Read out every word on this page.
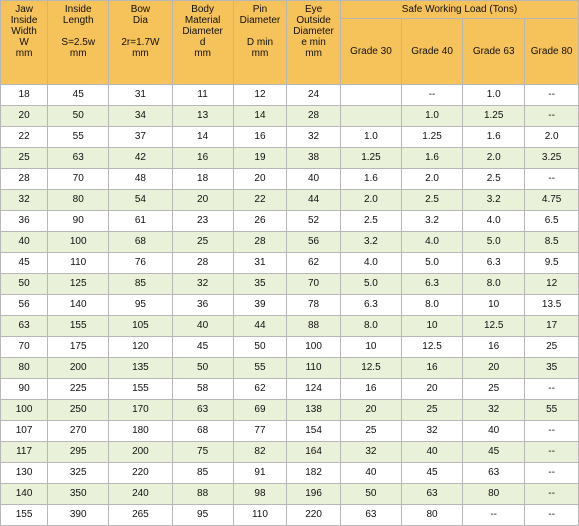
Jaw
Inside
Width
W
mm	Inside
Length
S=2.5w
mm	Bow
Dia
2r=1.7W
mm	Body
Material
Diameter
d
mm	Pin
Diameter
D min
mm	Eye
Outside
Diameter
e min
mm	Safe Working Load (Tons)			
						Grade 30	Grade 40	Grade 63	Grade 80
18	45	31	11	12	24		--	1.0	--
20	50	34	13	14	28		1.0	1.25	--
22	55	37	14	16	32	1.0	1.25	1.6	2.0
25	63	42	16	19	38	1.25	1.6	2.0	3.25
28	70	48	18	20	40	1.6	2.0	2.5	--
32	80	54	20	22	44	2.0	2.5	3.2	4.75
36	90	61	23	26	52	2.5	3.2	4.0	6.5
40	100	68	25	28	56	3.2	4.0	5.0	8.5
45	110	76	28	31	62	4.0	5.0	6.3	9.5
50	125	85	32	35	70	5.0	6.3	8.0	12
56	140	95	36	39	78	6.3	8.0	10	13.5
63	155	105	40	44	88	8.0	10	12.5	17
70	175	120	45	50	100	10	12.5	16	25
80	200	135	50	55	110	12.5	16	20	35
90	225	155	58	62	124	16	20	25	--
100	250	170	63	69	138	20	25	32	55
107	270	180	68	77	154	25	32	40	--
117	295	200	75	82	164	32	40	45	--
130	325	220	85	91	182	40	45	63	--
140	350	240	88	98	196	50	63	80	--
155	390	265	95	110	220	63	80	--	--
